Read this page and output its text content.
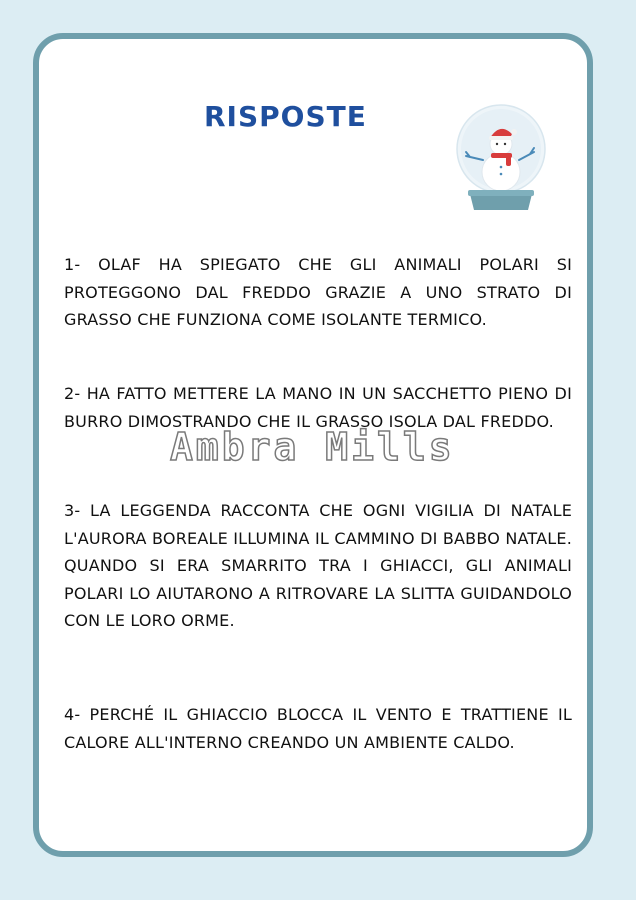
RISPOSTE

1- OLAF HA SPIEGATO CHE GLI ANIMALI POLARI SI PROTEGGONO DAL FREDDO GRAZIE A UNO STRATO DI GRASSO CHE FUNZIONA COME ISOLANTE TERMICO.

2- HA FATTO METTERE LA MANO IN UN SACCHETTO PIENO DI BURRO DIMOSTRANDO CHE IL GRASSO ISOLA DAL FREDDO.

3- LA LEGGENDA RACCONTA CHE OGNI VIGILIA DI NATALE L'AURORA BOREALE ILLUMINA IL CAMMINO DI BABBO NATALE. QUANDO SI ERA SMARRITO TRA I GHIACCI, GLI ANIMALI POLARI LO AIUTARONO A RITROVARE LA SLITTA GUIDANDOLO CON LE LORO ORME.

4- PERCHÉ IL GHIACCIO BLOCCA IL VENTO E TRATTIENE IL CALORE ALL'INTERNO CREANDO UN AMBIENTE CALDO.

Ambra Mills
